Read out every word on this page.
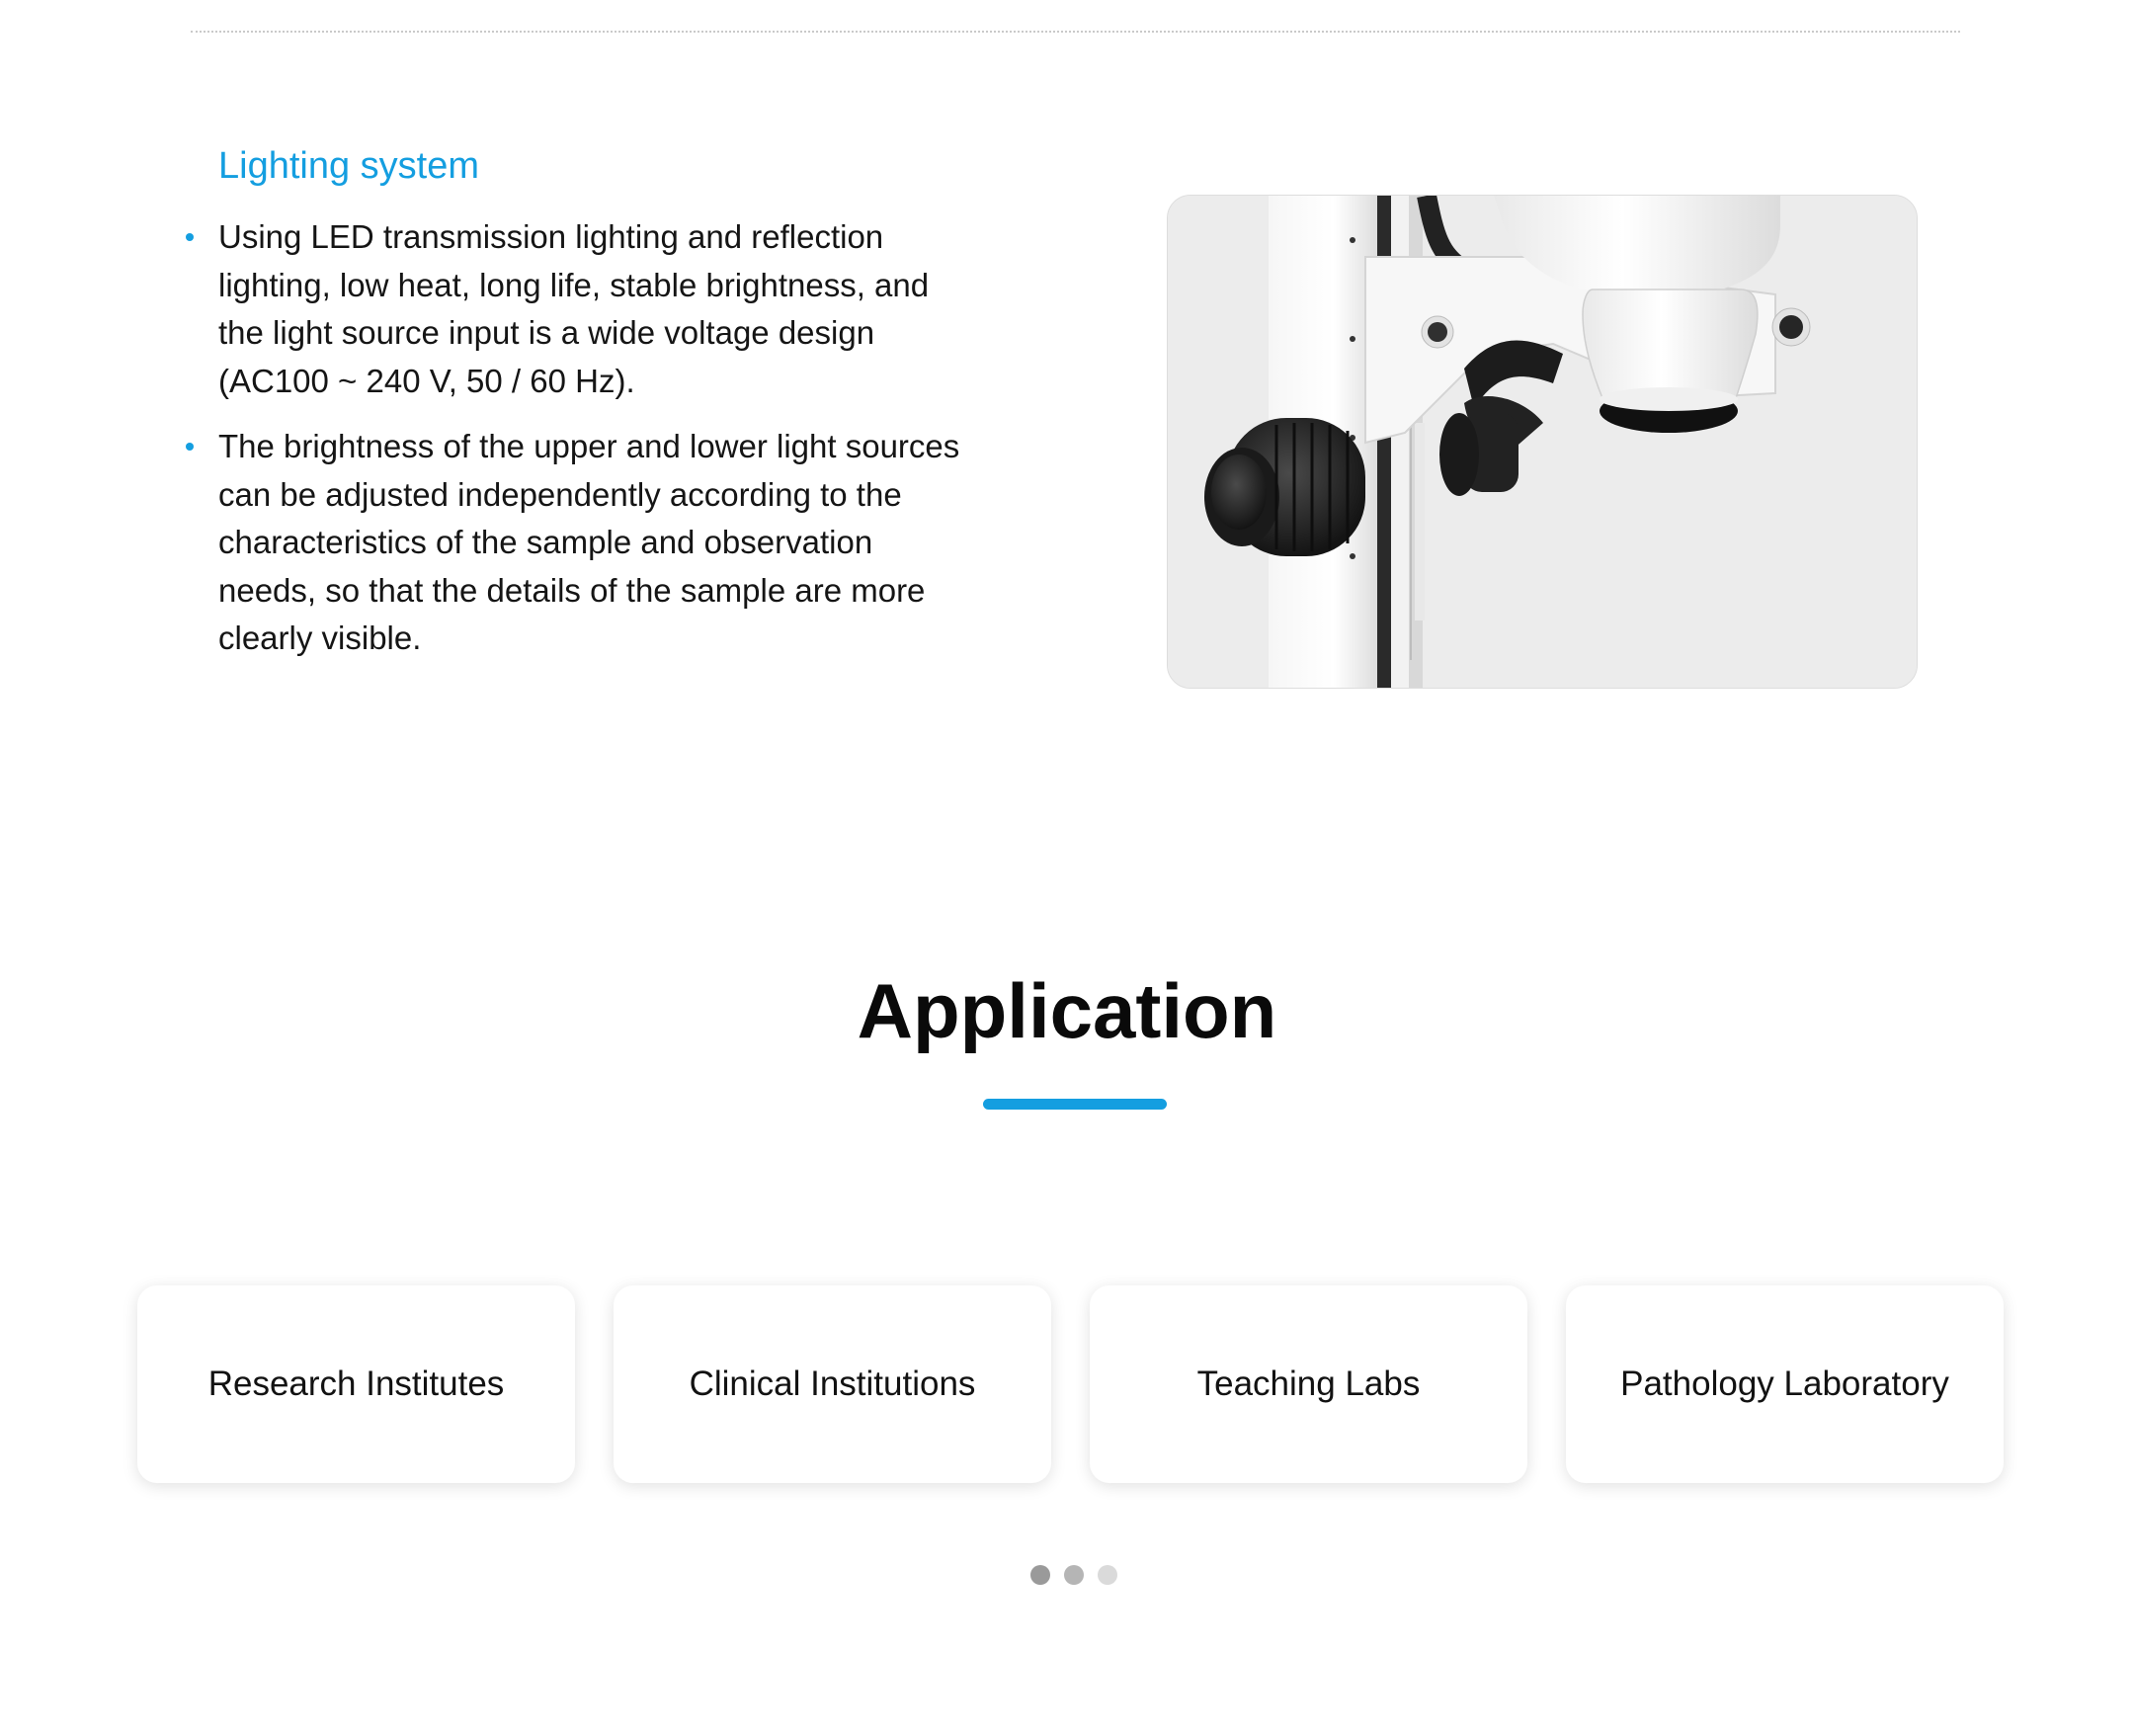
Lighting system
Using LED transmission lighting and reflection lighting, low heat, long life, stable brightness, and the light source input is a wide voltage design (AC100 ~ 240 V, 50 / 60 Hz).
The brightness of the upper and lower light sources can be adjusted independently according to the characteristics of the sample and observation needs, so that the details of the sample are more clearly visible.
Application
Research Institutes	Clinical Institutions	Teaching Labs	Pathology Laboratory
